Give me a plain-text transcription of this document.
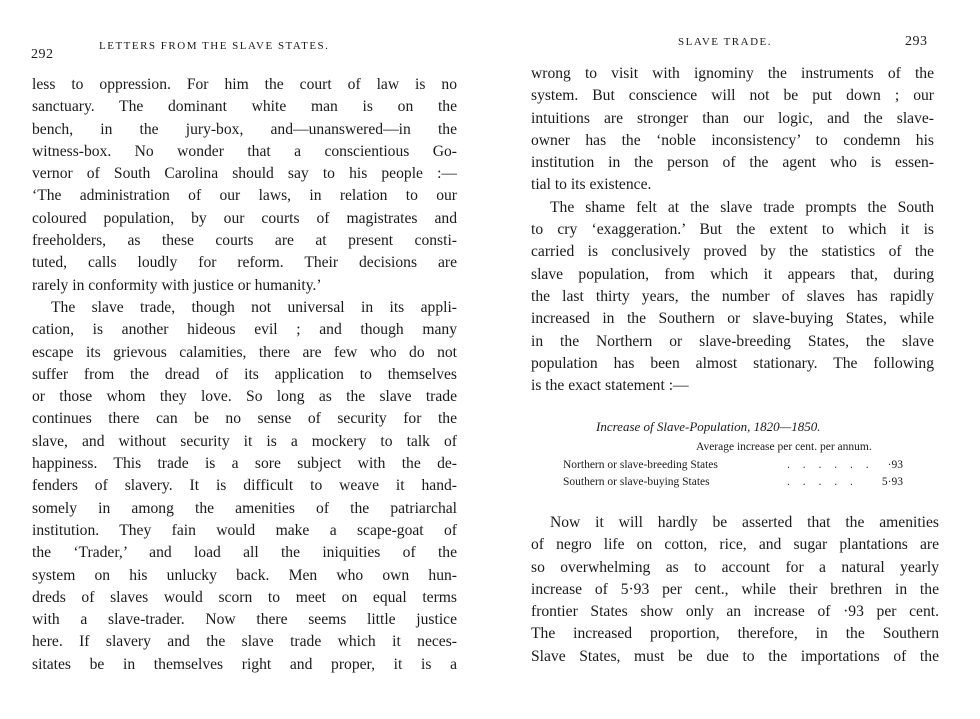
292
LETTERS FROM THE SLAVE STATES.
less to oppression. For him the court of law is no
sanctuary. The dominant white man is on the
bench, in the jury-box, and—unanswered—in the
witness-box. No wonder that a conscientious Go-
vernor of South Carolina should say to his people :—
‘The administration of our laws, in relation to our
coloured population, by our courts of magistrates and
freeholders, as these courts are at present consti-
tuted, calls loudly for reform. Their decisions are
rarely in conformity with justice or humanity.’
The slave trade, though not universal in its appli-
cation, is another hideous evil ; and though many
escape its grievous calamities, there are few who do not
suffer from the dread of its application to themselves
or those whom they love. So long as the slave trade
continues there can be no sense of security for the
slave, and without security it is a mockery to talk of
happiness. This trade is a sore subject with the de-
fenders of slavery. It is difficult to weave it hand-
somely in among the amenities of the patriarchal
institution. They fain would make a scape-goat of
the ‘Trader,’ and load all the iniquities of the
system on his unlucky back. Men who own hun-
dreds of slaves would scorn to meet on equal terms
with a slave-trader. Now there seems little justice
here. If slavery and the slave trade which it neces-
sitates be in themselves right and proper, it is a
SLAVE TRADE.	293
wrong to visit with ignominy the instruments of the
system. But conscience will not be put down ; our
intuitions are stronger than our logic, and the slave-
owner has the ‘noble inconsistency’ to condemn his
institution in the person of the agent who is essen-
tial to its existence.
The shame felt at the slave trade prompts the South
to cry ‘exaggeration.’ But the extent to which it is
carried is conclusively proved by the statistics of the
slave population, from which it appears that, during
the last thirty years, the number of slaves has rapidly
increased in the Southern or slave-buying States, while
in the Northern or slave-breeding States, the slave
population has been almost stationary. The following
is the exact statement :—
Increase of Slave-Population, 1820—1850.
Average increase per cent. per annum.
Northern or slave-breeding States	. . . . . .	·93
Southern or slave-buying States	. . . . .	5·93
Now it will hardly be asserted that the amenities
of negro life on cotton, rice, and sugar plantations are
so overwhelming as to account for a natural yearly
increase of 5·93 per cent., while their brethren in the
frontier States show only an increase of ·93 per cent.
The increased proportion, therefore, in the Southern
Slave States, must be due to the importations of the
